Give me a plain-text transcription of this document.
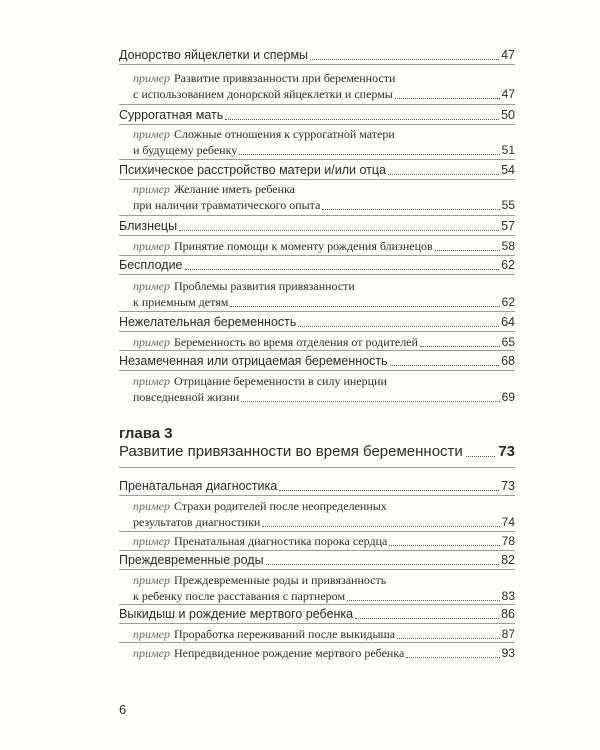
Донорство яйцеклетки и спермы	47
пример Развитие привязанности при беременности
с использованием донорской яйцеклетки и спермы	47
Суррогатная мать	50
пример Сложные отношения к суррогатной матери
и будущему ребенку	51
Психическое расстройство матери и/или отца	54
пример Желание иметь ребенка
при наличии травматического опыта	55
Близнецы	57
пример Принятие помощи к моменту рождения близнецов	58
Бесплодие	62
пример Проблемы развития привязанности
к приемным детям	62
Нежелательная беременность	64
пример Беременность во время отделения от родителей	65
Незамеченная или отрицаемая беременность	68
пример Отрицание беременности в силу инерции
повседневной жизни	69
глава 3
Развитие привязанности во время беременности 73
Пренатальная диагностика	73
пример Страхи родителей после неопределенных
результатов диагностики	74
пример Пренатальная диагностика порока сердца	78
Преждевременные роды	82
пример Преждевременные роды и привязанность
к ребенку после расставания с партнером	83
Выкидыш и рождение мертвого ребенка	86
пример Проработка переживаний после выкидыша	87
пример Непредвиденное рождение мертвого ребенка	93
6
